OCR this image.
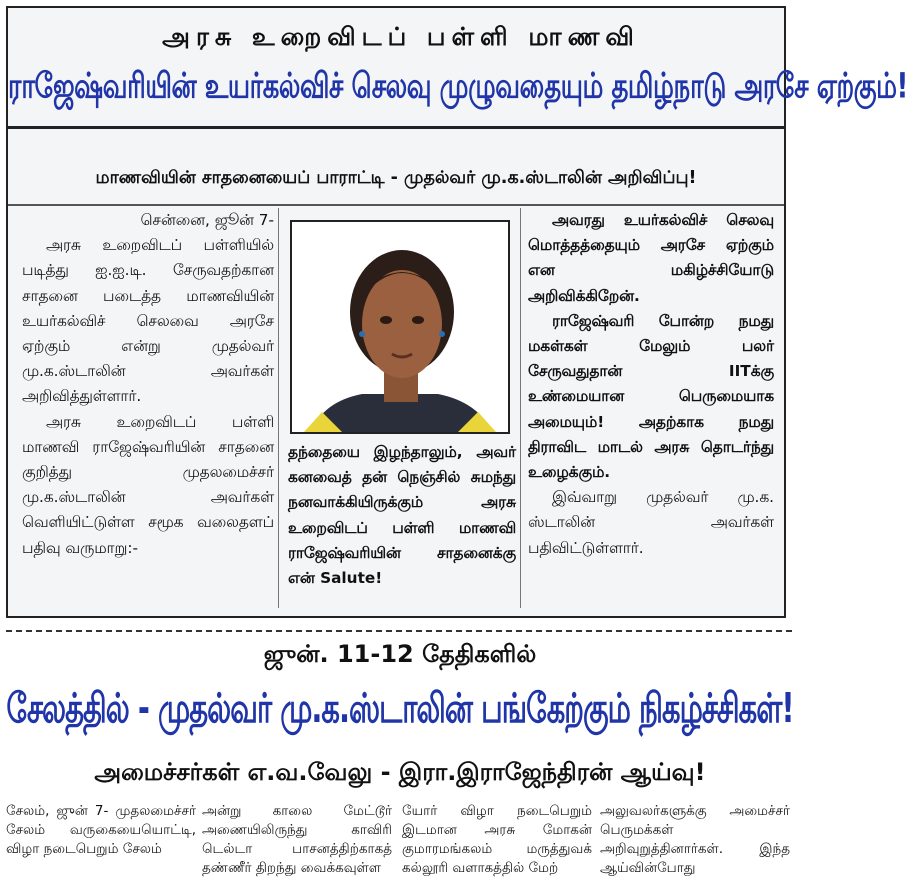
அரசு உறைவிடப் பள்ளி மாணவி
ராஜேஷ்வரியின் உயர்கல்விச் செலவு முழுவதையும் தமிழ்நாடு அரசே ஏற்கும்!
மாணவியின் சாதனையைப் பாராட்டி - முதல்வர் மு.க.ஸ்டாலின் அறிவிப்பு!

சென்னை, ஜூன் 7-

அரசு உறைவிடப் பள்ளியில் படித்து ஐ.ஐ.டி. சேருவதற்கான சாதனை படைத்த மாணவியின் உயர்கல்விச் செலவை அரசே ஏற்கும் என்று முதல்வர் மு.க.ஸ்டாலின் அவர்கள் அறிவித்துள்ளார்.

அரசு உறைவிடப் பள்ளி மாணவி ராஜேஷ்வரியின் சாதனை குறித்து முதலமைச்சர் மு.க.ஸ்டாலின் அவர்கள் வெளியிட்டுள்ள சமூக வலைதளப் பதிவு வருமாறு:-

தந்தையை இழந்தாலும், அவர் கனவைத் தன் நெஞ்சில் சுமந்து நனவாக்கியிருக்கும் அரசு உறைவிடப் பள்ளி மாணவி ராஜேஷ்வரியின் சாதனைக்கு என் Salute!

அவரது உயர்கல்விச் செலவு மொத்தத்தையும் அரசே ஏற்கும் என மகிழ்ச்சியோடு அறிவிக்கிறேன்.

ராஜேஷ்வரி போன்ற நமது மகள்கள் மேலும் பலர் சேருவதுதான் IITக்கு உண்மையான பெருமையாக அமையும்! அதற்காக நமது திராவிட மாடல் அரசு தொடர்ந்து உழைக்கும்.

இவ்வாறு முதல்வர் மு.க. ஸ்டாலின் அவர்கள் பதிவிட்டுள்ளார்.

ஜுன். 11-12 தேதிகளில்
சேலத்தில் - முதல்வர் மு.க.ஸ்டாலின் பங்கேற்கும் நிகழ்ச்சிகள்!
அமைச்சர்கள் எ.வ.வேலு - இரா.இராஜேந்திரன் ஆய்வு!

சேலம், ஜுன் 7- முதலமைச்சர் சேலம் வருகையையொட்டி, விழா நடைபெறும் சேலம்

அன்று காலை மேட்டூர் அணையிலிருந்து காவிரி டெல்டா பாசனத்திற்காகத் தண்ணீர் திறந்து வைக்கவுள்ள

யோர் விழா நடைபெறும் இடமான அரசு மோகன் குமாரமங்கலம் மருத்துவக் கல்லூரி வளாகத்தில் மேற்

அலுவலர்களுக்கு அமைச்சர் பெருமக்கள் அறிவுறுத்தினார்கள். இந்த ஆய்வின்போது
